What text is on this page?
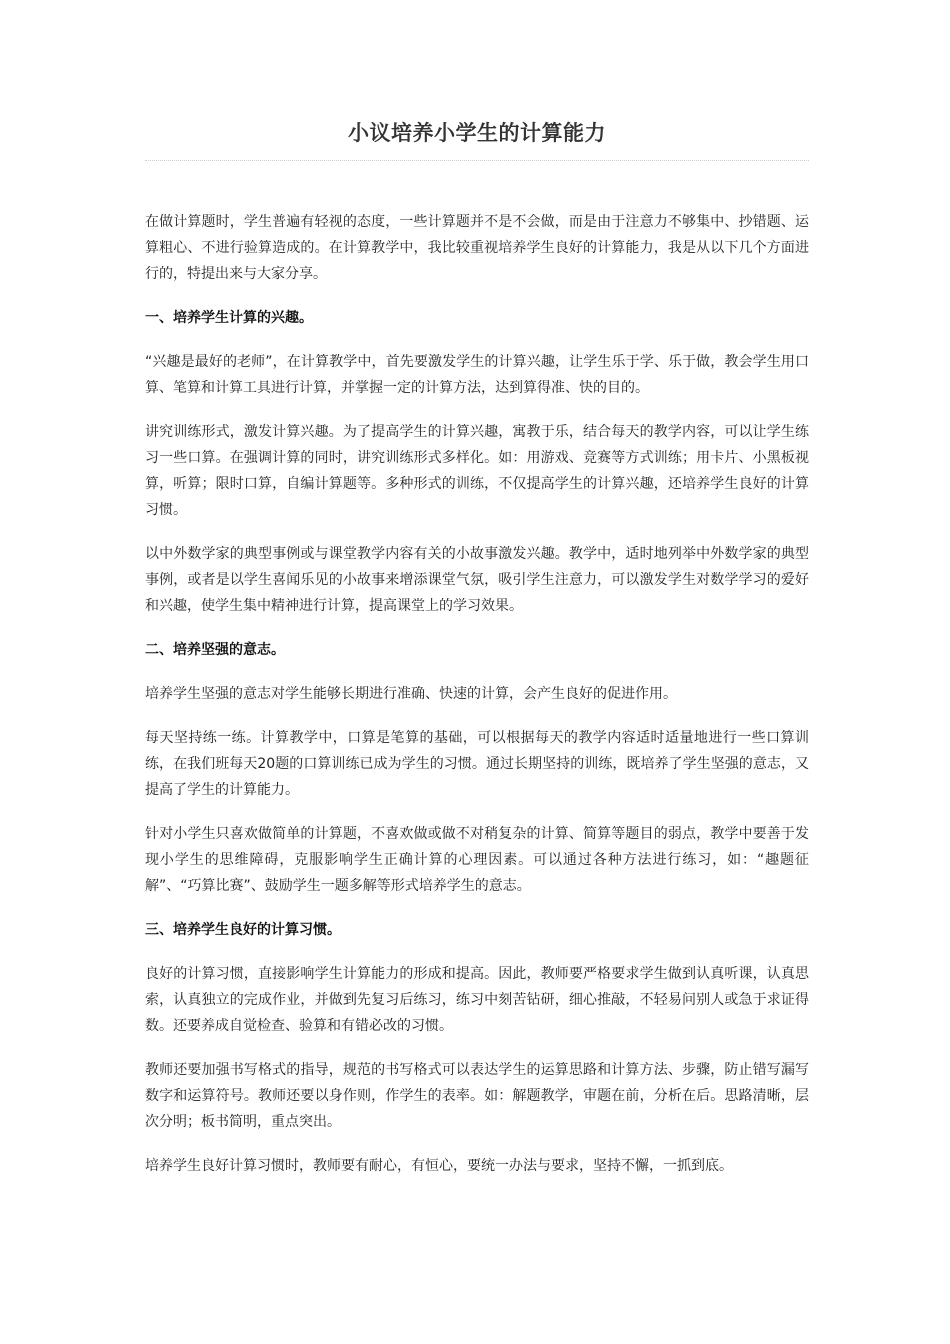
小议培养小学生的计算能力

在做计算题时，学生普遍有轻视的态度，一些计算题并不是不会做，而是由于注意力不够集中、抄错题、运算粗心、不进行验算造成的。在计算教学中，我比较重视培养学生良好的计算能力，我是从以下几个方面进行的，特提出来与大家分享。

一、培养学生计算的兴趣。

“兴趣是最好的老师”，在计算教学中，首先要激发学生的计算兴趣，让学生乐于学、乐于做，教会学生用口算、笔算和计算工具进行计算，并掌握一定的计算方法，达到算得准、快的目的。

讲究训练形式，激发计算兴趣。为了提高学生的计算兴趣，寓教于乐，结合每天的教学内容，可以让学生练习一些口算。在强调计算的同时，讲究训练形式多样化。如：用游戏、竞赛等方式训练；用卡片、小黑板视算，听算；限时口算，自编计算题等。多种形式的训练，不仅提高学生的计算兴趣，还培养学生良好的计算习惯。

以中外数学家的典型事例或与课堂教学内容有关的小故事激发兴趣。教学中，适时地列举中外数学家的典型事例，或者是以学生喜闻乐见的小故事来增添课堂气氛，吸引学生注意力，可以激发学生对数学学习的爱好和兴趣，使学生集中精神进行计算，提高课堂上的学习效果。

二、培养坚强的意志。

培养学生坚强的意志对学生能够长期进行准确、快速的计算，会产生良好的促进作用。

每天坚持练一练。计算教学中，口算是笔算的基础，可以根据每天的教学内容适时适量地进行一些口算训练，在我们班每天20题的口算训练已成为学生的习惯。通过长期坚持的训练，既培养了学生坚强的意志，又提高了学生的计算能力。

针对小学生只喜欢做简单的计算题，不喜欢做或做不对稍复杂的计算、简算等题目的弱点，教学中要善于发现小学生的思维障碍，克服影响学生正确计算的心理因素。可以通过各种方法进行练习，如：“趣题征解”、“巧算比赛”、鼓励学生一题多解等形式培养学生的意志。

三、培养学生良好的计算习惯。

良好的计算习惯，直接影响学生计算能力的形成和提高。因此，教师要严格要求学生做到认真听课，认真思索，认真独立的完成作业，并做到先复习后练习，练习中刻苦钻研，细心推敲，不轻易问别人或急于求证得数。还要养成自觉检查、验算和有错必改的习惯。

教师还要加强书写格式的指导，规范的书写格式可以表达学生的运算思路和计算方法、步骤，防止错写漏写数字和运算符号。教师还要以身作则，作学生的表率。如：解题教学，审题在前，分析在后。思路清晰，层次分明；板书简明，重点突出。

培养学生良好计算习惯时，教师要有耐心，有恒心，要统一办法与要求，坚持不懈，一抓到底。
